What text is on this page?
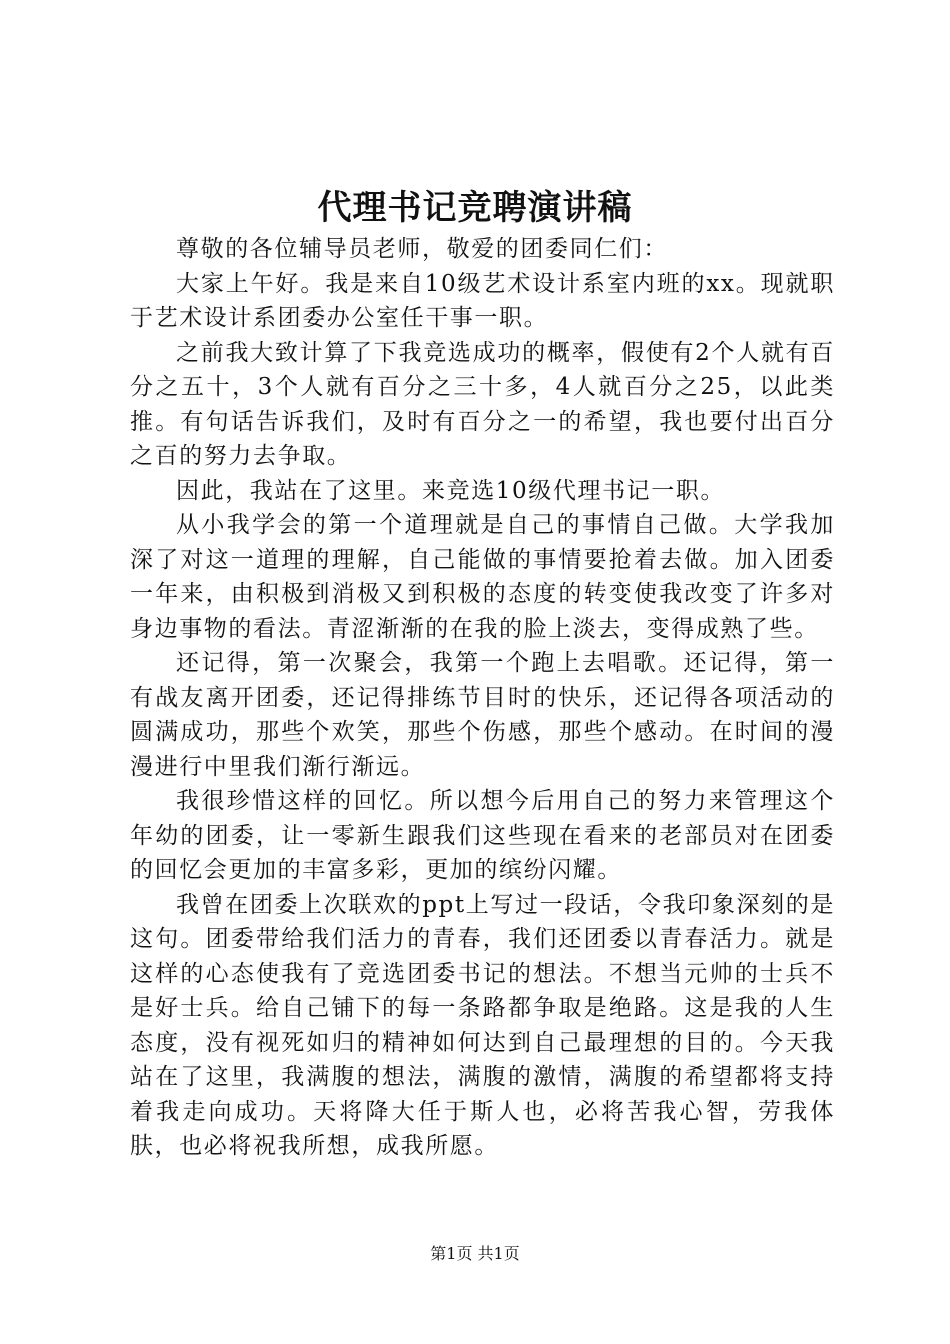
代理书记竞聘演讲稿

尊敬的各位辅导员老师，敬爱的团委同仁们：

大家上午好。我是来自10级艺术设计系室内班的xx。现就职于艺术设计系团委办公室任干事一职。

之前我大致计算了下我竞选成功的概率，假使有2个人就有百分之五十，3个人就有百分之三十多，4人就百分之25，以此类推。有句话告诉我们，及时有百分之一的希望，我也要付出百分之百的努力去争取。

因此，我站在了这里。来竞选10级代理书记一职。

从小我学会的第一个道理就是自己的事情自己做。大学我加深了对这一道理的理解，自己能做的事情要抢着去做。加入团委一年来，由积极到消极又到积极的态度的转变使我改变了许多对身边事物的看法。青涩渐渐的在我的脸上淡去，变得成熟了些。

还记得，第一次聚会，我第一个跑上去唱歌。还记得，第一有战友离开团委，还记得排练节目时的快乐，还记得各项活动的圆满成功，那些个欢笑，那些个伤感，那些个感动。在时间的漫漫进行中里我们渐行渐远。

我很珍惜这样的回忆。所以想今后用自己的努力来管理这个年幼的团委，让一零新生跟我们这些现在看来的老部员对在团委的回忆会更加的丰富多彩，更加的缤纷闪耀。

我曾在团委上次联欢的ppt上写过一段话，令我印象深刻的是这句。团委带给我们活力的青春，我们还团委以青春活力。就是这样的心态使我有了竞选团委书记的想法。不想当元帅的士兵不是好士兵。给自己铺下的每一条路都争取是绝路。这是我的人生态度，没有视死如归的精神如何达到自己最理想的目的。今天我站在了这里，我满腹的想法，满腹的激情，满腹的希望都将支持着我走向成功。天将降大任于斯人也，必将苦我心智，劳我体肤，也必将祝我所想，成我所愿。

第1页 共1页
